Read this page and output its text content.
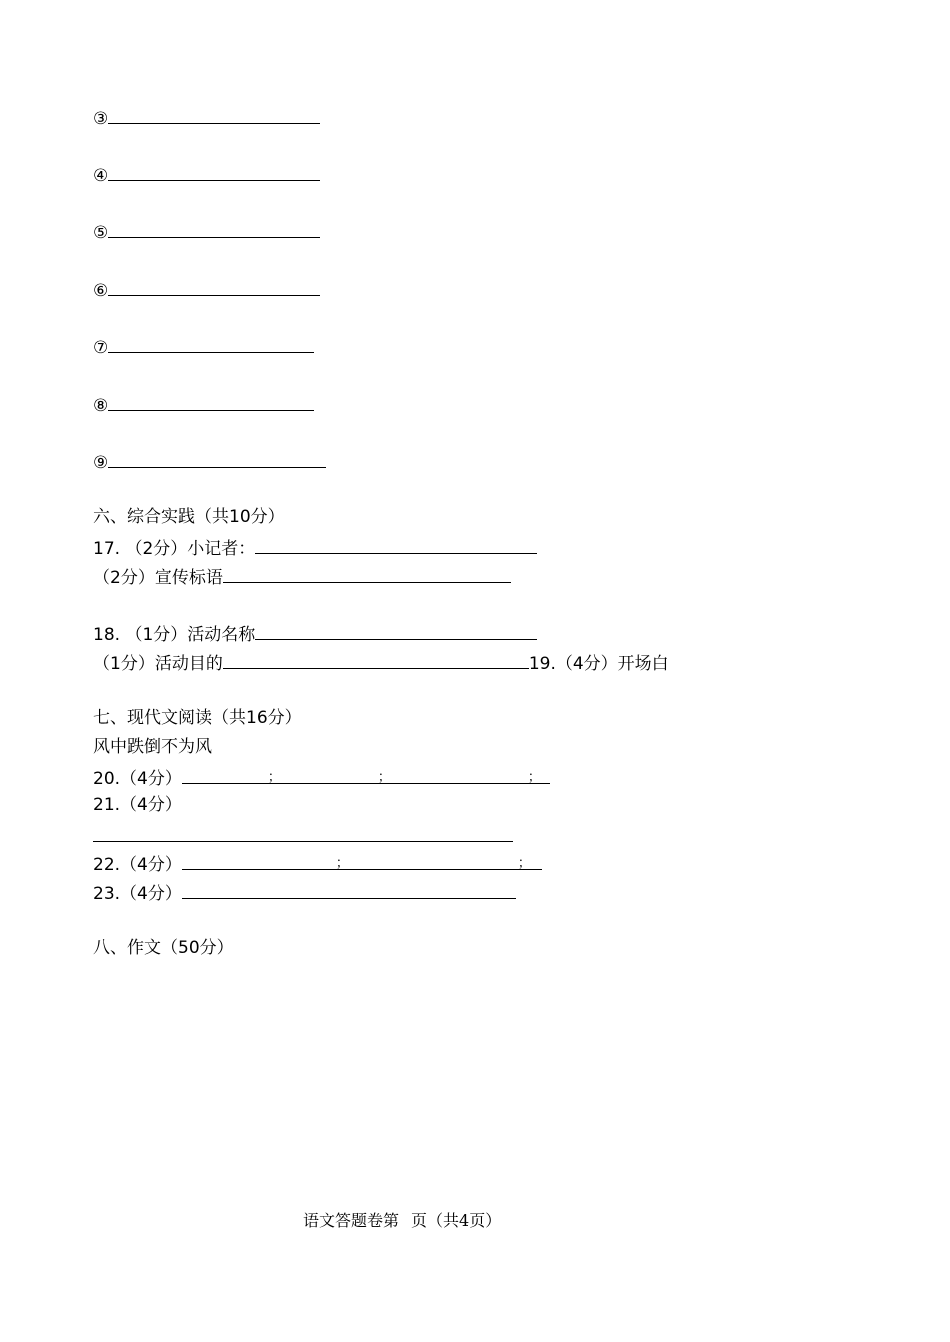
③
④
⑤
⑥
⑦
⑧
⑨
六、综合实践（共10分）
17. （2分）小记者：
（2分）宣传标语
18. （1分）活动名称
（1分）活动目的	19.（4分）开场白
七、现代文阅读（共16分）
风中跌倒不为风
20.（4分）	；	；	；
21.（4分）
22.（4分）	；	；
23.（4分）
八、作文（50分）
语文答题卷第 页（共4页）
